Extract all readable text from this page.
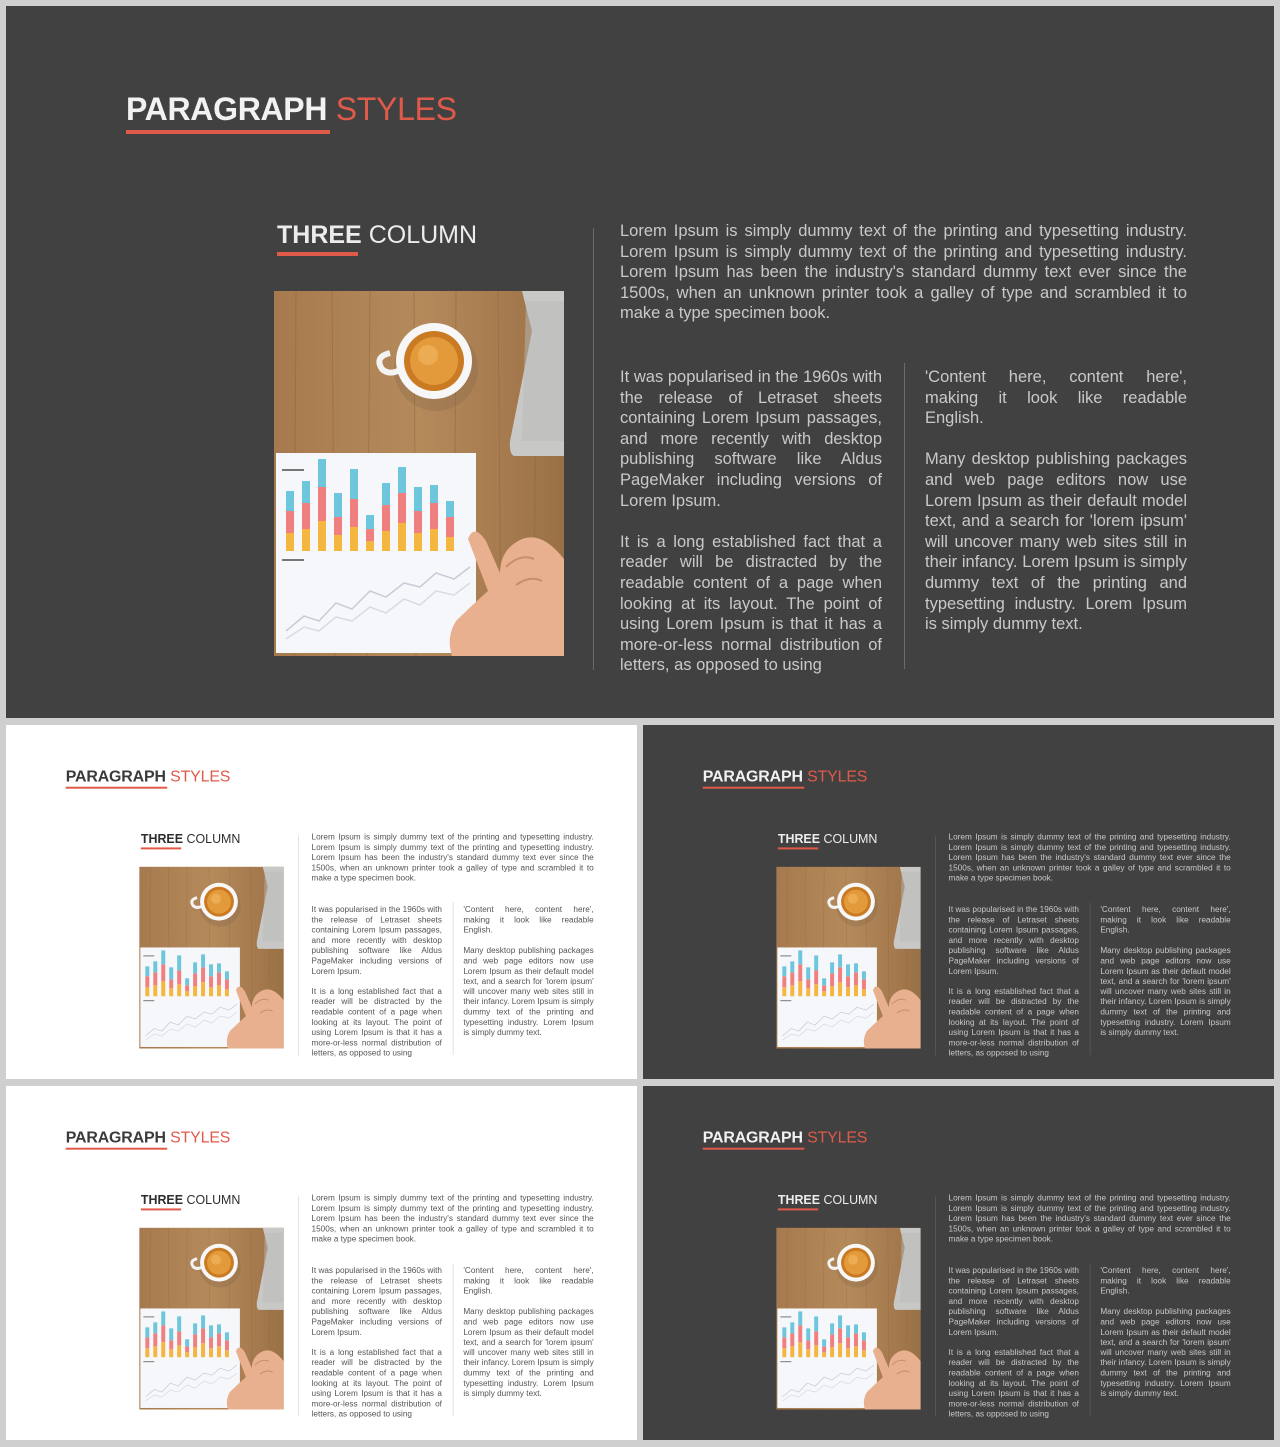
PARAGRAPH STYLES
THREE COLUMN	Lorem Ipsum is simply dummy text of the printing and typesetting industry. Lorem Ipsum is simply dummy text of the printing and typesetting industry. Lorem Ipsum has been the industry's standard dummy text ever since the 1500s, when an unknown printer took a galley of type and scrambled it to make a type specimen book.

It was popularised in the 1960s with the release of Letraset sheets containing Lorem Ipsum passages, and more recently with desktop publishing software like Aldus PageMaker including versions of Lorem Ipsum.

It is a long established fact that a reader will be distracted by the readable content of a page when looking at its layout. The point of using Lorem Ipsum is that it has a more-or-less normal distribution of letters, as opposed to using

'Content here, content here', making it look like readable English.

Many desktop publishing packages and web page editors now use Lorem Ipsum as their default model text, and a search for 'lorem ipsum' will uncover many web sites still in their infancy. Lorem Ipsum is simply dummy text of the printing and typesetting industry. Lorem Ipsum is simply dummy text.

PARAGRAPH STYLES
THREE COLUMN	Lorem Ipsum is simply dummy text of the printing and typesetting industry. Lorem Ipsum is simply dummy text of the printing and typesetting industry. Lorem Ipsum has been the industry's standard dummy text ever since the 1500s, when an unknown printer took a galley of type and scrambled it to make a type specimen book.

It was popularised in the 1960s with the release of Letraset sheets containing Lorem Ipsum passages, and more recently with desktop publishing software like Aldus PageMaker including versions of Lorem Ipsum.

It is a long established fact that a reader will be distracted by the readable content of a page when looking at its layout. The point of using Lorem Ipsum is that it has a more-or-less normal distribution of letters, as opposed to using

'Content here, content here', making it look like readable English.

Many desktop publishing packages and web page editors now use Lorem Ipsum as their default model text, and a search for 'lorem ipsum' will uncover many web sites still in their infancy. Lorem Ipsum is simply dummy text of the printing and typesetting industry. Lorem Ipsum is simply dummy text.

PARAGRAPH STYLES
THREE COLUMN	Lorem Ipsum is simply dummy text of the printing and typesetting industry. Lorem Ipsum is simply dummy text of the printing and typesetting industry. Lorem Ipsum has been the industry's standard dummy text ever since the 1500s, when an unknown printer took a galley of type and scrambled it to make a type specimen book.

It was popularised in the 1960s with the release of Letraset sheets containing Lorem Ipsum passages, and more recently with desktop publishing software like Aldus PageMaker including versions of Lorem Ipsum.

It is a long established fact that a reader will be distracted by the readable content of a page when looking at its layout. The point of using Lorem Ipsum is that it has a more-or-less normal distribution of letters, as opposed to using

'Content here, content here', making it look like readable English.

Many desktop publishing packages and web page editors now use Lorem Ipsum as their default model text, and a search for 'lorem ipsum' will uncover many web sites still in their infancy. Lorem Ipsum is simply dummy text of the printing and typesetting industry. Lorem Ipsum is simply dummy text.

PARAGRAPH STYLES
THREE COLUMN	Lorem Ipsum is simply dummy text of the printing and typesetting industry. Lorem Ipsum is simply dummy text of the printing and typesetting industry. Lorem Ipsum has been the industry's standard dummy text ever since the 1500s, when an unknown printer took a galley of type and scrambled it to make a type specimen book.

It was popularised in the 1960s with the release of Letraset sheets containing Lorem Ipsum passages, and more recently with desktop publishing software like Aldus PageMaker including versions of Lorem Ipsum.

It is a long established fact that a reader will be distracted by the readable content of a page when looking at its layout. The point of using Lorem Ipsum is that it has a more-or-less normal distribution of letters, as opposed to using

'Content here, content here', making it look like readable English.

Many desktop publishing packages and web page editors now use Lorem Ipsum as their default model text, and a search for 'lorem ipsum' will uncover many web sites still in their infancy. Lorem Ipsum is simply dummy text of the printing and typesetting industry. Lorem Ipsum is simply dummy text.

PARAGRAPH STYLES
THREE COLUMN	Lorem Ipsum is simply dummy text of the printing and typesetting industry. Lorem Ipsum is simply dummy text of the printing and typesetting industry. Lorem Ipsum has been the industry's standard dummy text ever since the 1500s, when an unknown printer took a galley of type and scrambled it to make a type specimen book.

It was popularised in the 1960s with the release of Letraset sheets containing Lorem Ipsum passages, and more recently with desktop publishing software like Aldus PageMaker including versions of Lorem Ipsum.

It is a long established fact that a reader will be distracted by the readable content of a page when looking at its layout. The point of using Lorem Ipsum is that it has a more-or-less normal distribution of letters, as opposed to using

'Content here, content here', making it look like readable English.

Many desktop publishing packages and web page editors now use Lorem Ipsum as their default model text, and a search for 'lorem ipsum' will uncover many web sites still in their infancy. Lorem Ipsum is simply dummy text of the printing and typesetting industry. Lorem Ipsum is simply dummy text.
